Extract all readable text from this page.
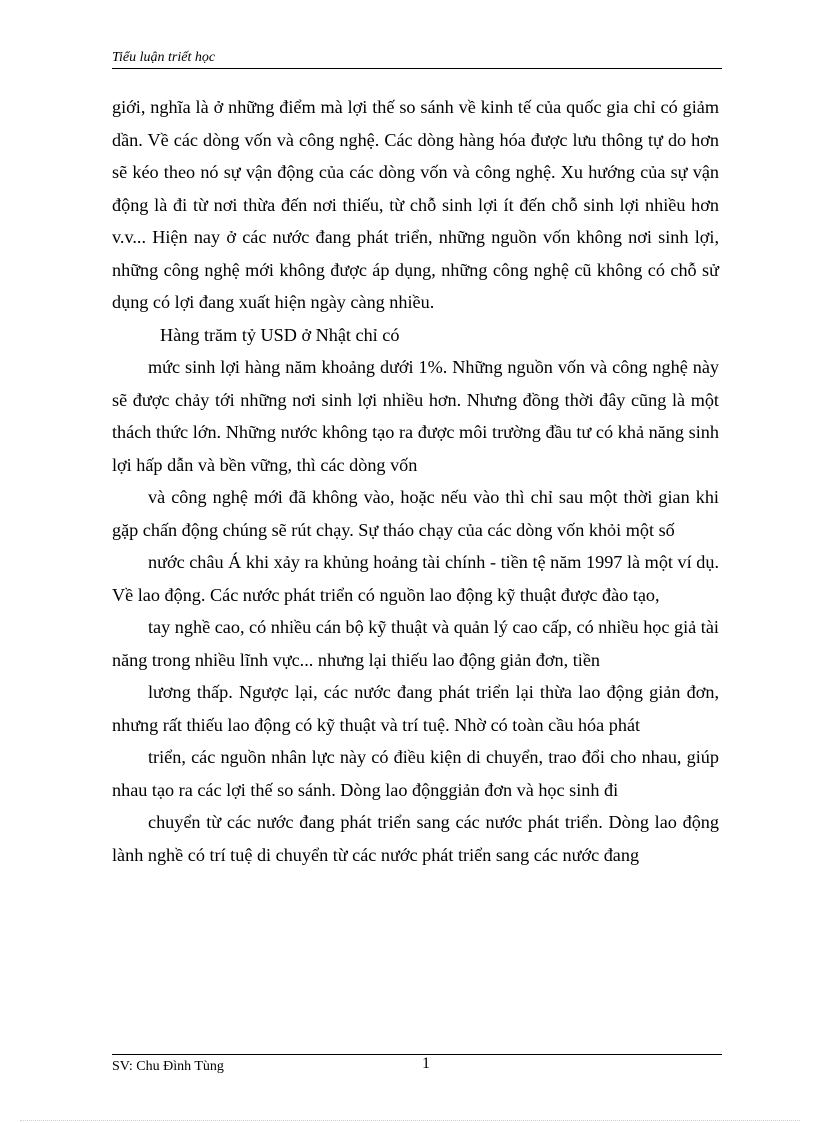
Tiểu luận triết học

giới, nghĩa là ở những điểm mà lợi thế so sánh về kinh tế của quốc gia chỉ có giảm dần. Về các dòng vốn và công nghệ. Các dòng hàng hóa được lưu thông tự do hơn sẽ kéo theo nó sự vận động của các dòng vốn và công nghệ. Xu hướng của sự vận động là đi từ nơi thừa đến nơi thiếu, từ chỗ sinh lợi ít đến chỗ sinh lợi nhiều hơn v.v... Hiện nay ở các nước đang phát triển, những nguồn vốn không nơi sinh lợi, những công nghệ mới không được áp dụng, những công nghệ cũ không có chỗ sử dụng có lợi đang xuất hiện ngày càng nhiều.

Hàng trăm tỷ USD ở Nhật chỉ có

mức sinh lợi hàng năm khoảng dưới 1%. Những nguồn vốn và công nghệ này sẽ được chảy tới những nơi sinh lợi nhiều hơn. Nhưng đồng thời đây cũng là một thách thức lớn. Những nước không tạo ra được môi trường đầu tư có khả năng sinh lợi hấp dẫn và bền vững, thì các dòng vốn

và công nghệ mới đã không vào, hoặc nếu vào thì chỉ sau một thời gian khi gặp chấn động chúng sẽ rút chạy. Sự tháo chạy của các dòng vốn khỏi một số

nước châu Á khi xảy ra khủng hoảng tài chính - tiền tệ năm 1997 là một ví dụ. Về lao động. Các nước phát triển có nguồn lao động kỹ thuật được đào tạo,

tay nghề cao, có nhiều cán bộ kỹ thuật và quản lý cao cấp, có nhiều học giả tài năng trong nhiều lĩnh vực... nhưng lại thiếu lao động giản đơn, tiền

lương thấp. Ngược lại, các nước đang phát triển lại thừa lao động giản đơn, nhưng rất thiếu lao động có kỹ thuật và trí tuệ. Nhờ có toàn cầu hóa phát

triển, các nguồn nhân lực này có điều kiện di chuyển, trao đổi cho nhau, giúp nhau tạo ra các lợi thế so sánh. Dòng lao độnggiản đơn và học sinh đi

chuyển từ các nước đang phát triển sang các nước phát triển. Dòng lao động lành nghề có trí tuệ di chuyển từ các nước phát triển sang các nước đang

SV: Chu Đình Tùng	1
